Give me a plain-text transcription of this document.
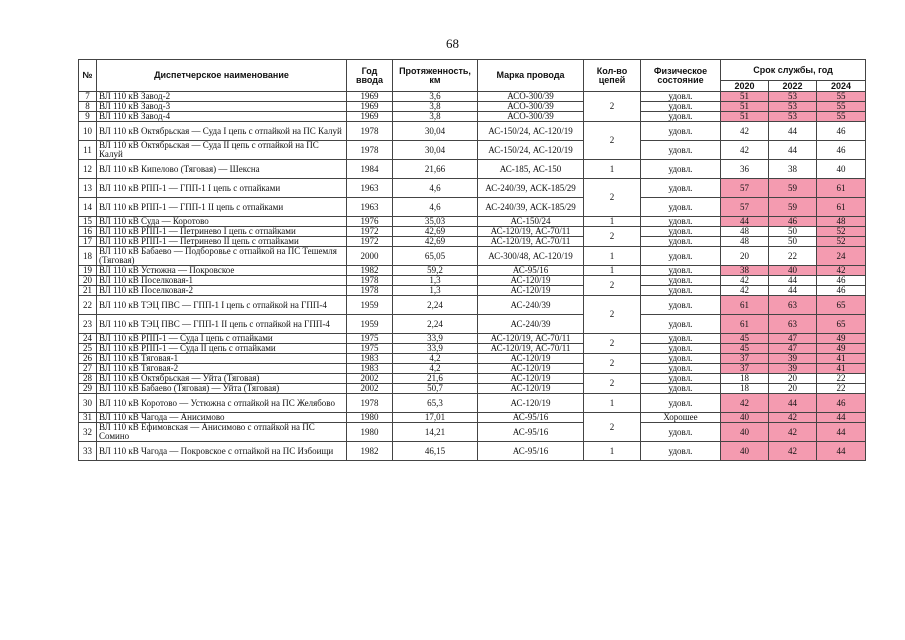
68
№	Диспетчерское наименование	Год ввода	Протяженность, км	Марка провода	Кол-во цепей	Физическое состояние	Срок службы, год		
							2020	2022	2024
7	ВЛ 110 кВ Завод-2	1969	3,6	АСО-300/39	2	удовл.	51	53	55
8	ВЛ 110 кВ Завод-3	1969	3,8	АСО-300/39		удовл.	51	53	55
9	ВЛ 110 кВ Завод-4	1969	3,8	АСО-300/39		удовл.	51	53	55
10	ВЛ 110 кВ Октябрьская — Суда I цепь с отпайкой на ПС Калуй	1978	30,04	АС-150/24, АС-120/19	2	удовл.	42	44	46
11	ВЛ 110 кВ Октябрьская — Суда II цепь с отпайкой на ПС Калуй	1978	30,04	АС-150/24, АС-120/19		удовл.	42	44	46
12	ВЛ 110 кВ Кипелово (Тяговая) — Шексна	1984	21,66	АС-185, АС-150	1	удовл.	36	38	40
13	ВЛ 110 кВ РПП-1 — ГПП-1 I цепь с отпайками	1963	4,6	АС-240/39, АСК-185/29	2	удовл.	57	59	61
14	ВЛ 110 кВ РПП-1 — ГПП-1 II цепь с отпайками	1963	4,6	АС-240/39, АСК-185/29		удовл.	57	59	61
15	ВЛ 110 кВ Суда — Коротово	1976	35,03	АС-150/24	1	удовл.	44	46	48
16	ВЛ 110 кВ РПП-1 — Петринево I цепь с отпайками	1972	42,69	АС-120/19, АС-70/11	2	удовл.	48	50	52
17	ВЛ 110 кВ РПП-1 — Петринево II цепь с отпайками	1972	42,69	АС-120/19, АС-70/11		удовл.	48	50	52
18	ВЛ 110 кВ Бабаево — Подборовье с отпайкой на ПС Тешемля (Тяговая)	2000	65,05	АС-300/48, АС-120/19	1	удовл.	20	22	24
19	ВЛ 110 кВ Устюжна — Покровское	1982	59,2	АС-95/16	1	удовл.	38	40	42
20	ВЛ 110 кВ Поселковая-1	1978	1,3	АС-120/19	2	удовл.	42	44	46
21	ВЛ 110 кВ Поселковая-2	1978	1,3	АС-120/19		удовл.	42	44	46
22	ВЛ 110 кВ ТЭЦ ПВС — ГПП-1 I цепь с отпайкой на ГПП-4	1959	2,24	АС-240/39	2	удовл.	61	63	65
23	ВЛ 110 кВ ТЭЦ ПВС — ГПП-1 II цепь с отпайкой на ГПП-4	1959	2,24	АС-240/39		удовл.	61	63	65
24	ВЛ 110 кВ РПП-1 — Суда I цепь с отпайками	1975	33,9	АС-120/19, АС-70/11	2	удовл.	45	47	49
25	ВЛ 110 кВ РПП-1 — Суда II цепь с отпайками	1975	33,9	АС-120/19, АС-70/11		удовл.	45	47	49
26	ВЛ 110 кВ Тяговая-1	1983	4,2	АС-120/19	2	удовл.	37	39	41
27	ВЛ 110 кВ Тяговая-2	1983	4,2	АС-120/19		удовл.	37	39	41
28	ВЛ 110 кВ Октябрьская — Уйта (Тяговая)	2002	21,6	АС-120/19	2	удовл.	18	20	22
29	ВЛ 110 кВ Бабаево (Тяговая) — Уйта (Тяговая)	2002	50,7	АС-120/19		удовл.	18	20	22
30	ВЛ 110 кВ Коротово — Устюжна с отпайкой на ПС Желябово	1978	65,3	АС-120/19	1	удовл.	42	44	46
31	ВЛ 110 кВ Чагода — Анисимово	1980	17,01	АС-95/16	2	Хорошее	40	42	44
32	ВЛ 110 кВ Ефимовская — Анисимово с отпайкой на ПС Сомино	1980	14,21	АС-95/16		удовл.	40	42	44
33	ВЛ 110 кВ Чагода — Покровское с отпайкой на ПС Избоищи	1982	46,15	АС-95/16	1	удовл.	40	42	44
